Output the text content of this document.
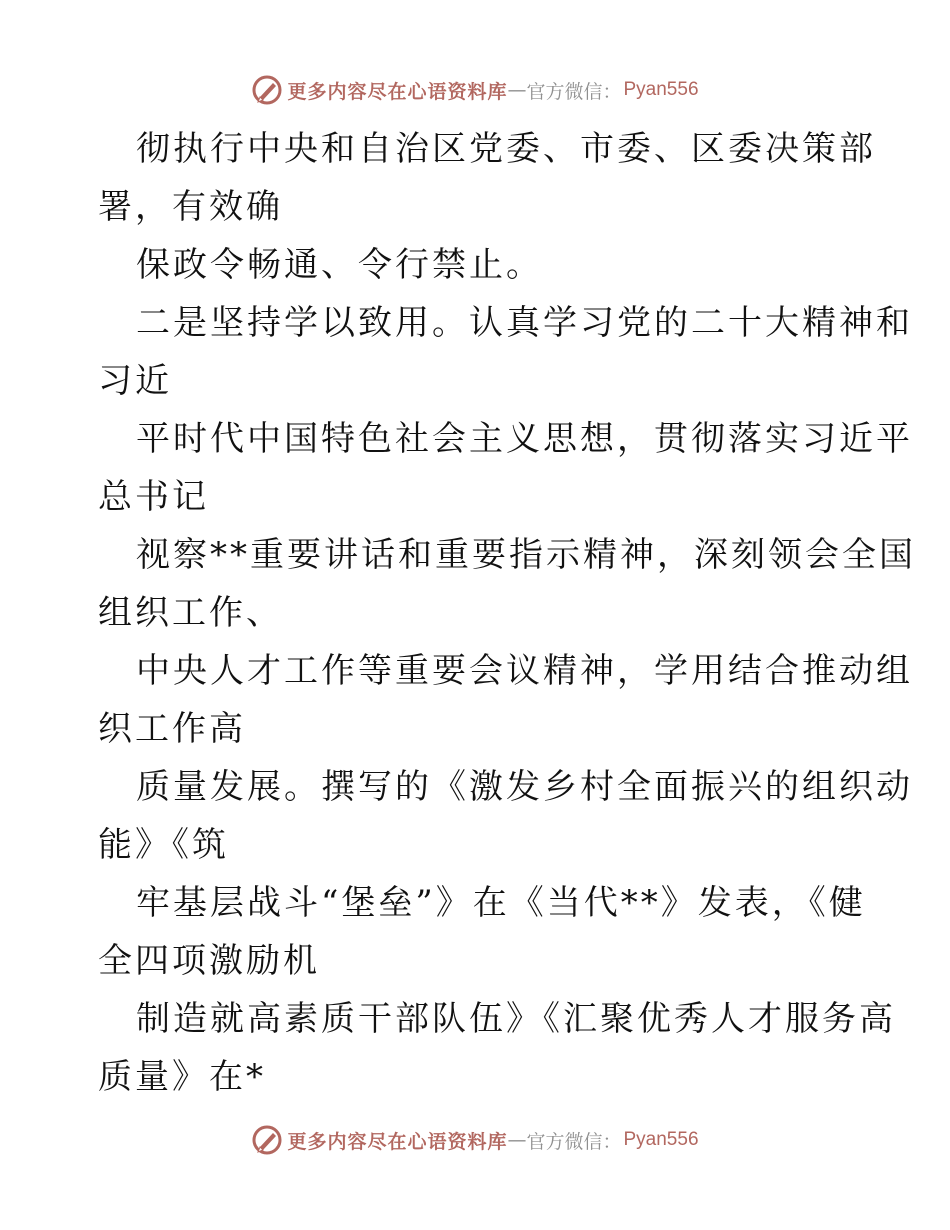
更多内容尽在心语资料库 — 官方微信： Pyan556
彻执行中央和自治区党委、市委、区委决策部
署，有效确
保政令畅通、令行禁止。
二是坚持学以致用。认真学习党的二十大精神和
习近
平时代中国特色社会主义思想，贯彻落实习近平
总书记
视察**重要讲话和重要指示精神，深刻领会全国
组织工作、
中央人才工作等重要会议精神，学用结合推动组
织工作高
质量发展。撰写的《激发乡村全面振兴的组织动
能》《筑
牢基层战斗“堡垒”》在《当代**》发表，《健
全四项激励机
制造就高素质干部队伍》《汇聚优秀人才服务高
质量》在*
更多内容尽在心语资料库 — 官方微信： Pyan556
